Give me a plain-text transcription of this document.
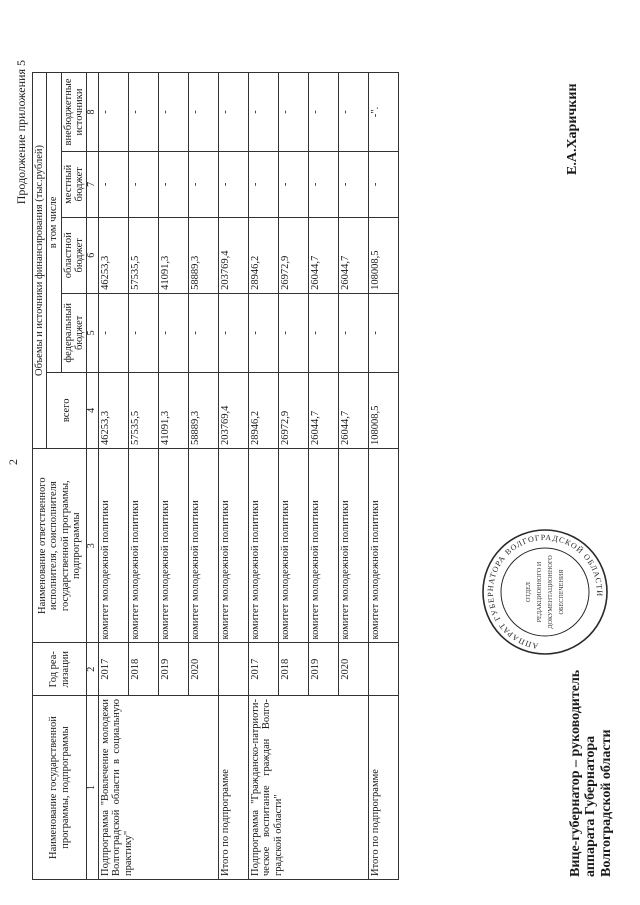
2
Продолжение приложения 5
Наименование государственной программы, подпрограммы	Год реа-лизации	Наименование ответственного исполнителя, соисполнителя государственной программы, подпрограммы	Объемы и источники финансирования (тыс.рублей)				
			всего	в том числе			
				федеральный бюджет	областной бюджет	местный бюджет	внебюджетные источники
1	2	3	4	5	6	7	8
Подпрограмма "Вовлечение молодежи Волгоградской области в социальную практику"	2017	комитет молодежной политики	46253,3	-	46253,3	-	-
	2018	комитет молодежной политики	57535,5	-	57535,5	-	-
	2019	комитет молодежной политики	41091,3	-	41091,3	-	-
	2020	комитет молодежной политики	58889,3	-	58889,3	-	-
Итого по подпрограмме		комитет молодежной политики	203769,4	-	203769,4	-	-
Подпрограмма "Гражданско-патриоти-ческое воспитание граждан Волго-градской области"	2017	комитет молодежной политики	28946,2	-	28946,2	-	-
	2018	комитет молодежной политики	26972,9	-	26972,9	-	-
	2019	комитет молодежной политики	26044,7	-	26044,7	-	-
	2020	комитет молодежной политики	26044,7	-	26044,7	-	-
Итого по подпрограмме		комитет молодежной политики	108008,5	-	108008,5	-	-".
Вице-губернатор – руководитель аппарата Губернатора Волгоградской области
АППАРАТ ГУБЕРНАТОРА ВОЛГОГРАДСКОЙ ОБЛАСТИ
ОТДЕЛ РЕДАКЦИОННОГО И ДОКУМЕНТАЦИОННОГО ОБЕСПЕЧЕНИЯ
Е.А.Харичкин
